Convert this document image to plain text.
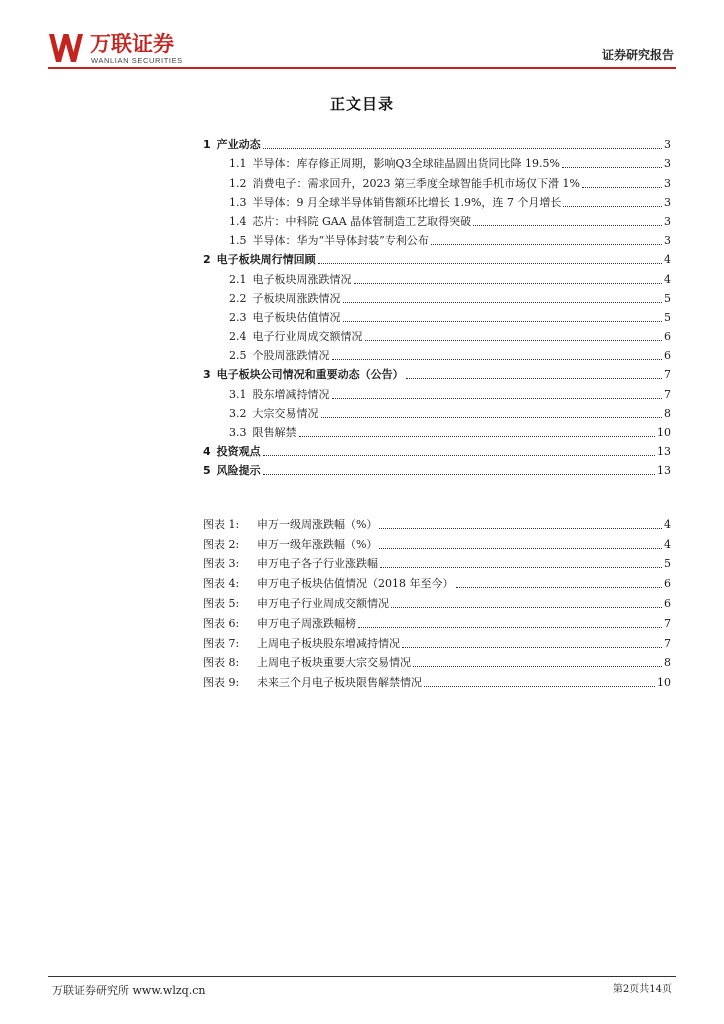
万联证券
WANLIAN SECURITIES	证券研究报告
正文目录
1 产业动态	3
1.1 半导体：库存修正周期，影响Q3全球硅晶圆出货同比降 19.5%	3
1.2 消费电子：需求回升，2023 第三季度全球智能手机市场仅下滑 1%	3
1.3 半导体：9 月全球半导体销售额环比增长 1.9%，连 7 个月增长	3
1.4 芯片：中科院 GAA 晶体管制造工艺取得突破	3
1.5 半导体：华为“半导体封装”专利公布	3
2 电子板块周行情回顾	4
2.1 电子板块周涨跌情况	4
2.2 子板块周涨跌情况	5
2.3 电子板块估值情况	5
2.4 电子行业周成交额情况	6
2.5 个股周涨跌情况	6
3 电子板块公司情况和重要动态（公告）	7
3.1 股东增减持情况	7
3.2 大宗交易情况	8
3.3 限售解禁	10
4 投资观点	13
5 风险提示	13
图表 1:	申万一级周涨跌幅（%）	4
图表 2:	申万一级年涨跌幅（%）	4
图表 3:	申万电子各子行业涨跌幅	5
图表 4:	申万电子板块估值情况（2018 年至今）	6
图表 5:	申万电子行业周成交额情况	6
图表 6:	申万电子周涨跌幅榜	7
图表 7:	上周电子板块股东增减持情况	7
图表 8:	上周电子板块重要大宗交易情况	8
图表 9:	未来三个月电子板块限售解禁情况	10
万联证券研究所 www.wlzq.cn	第2页共14页
